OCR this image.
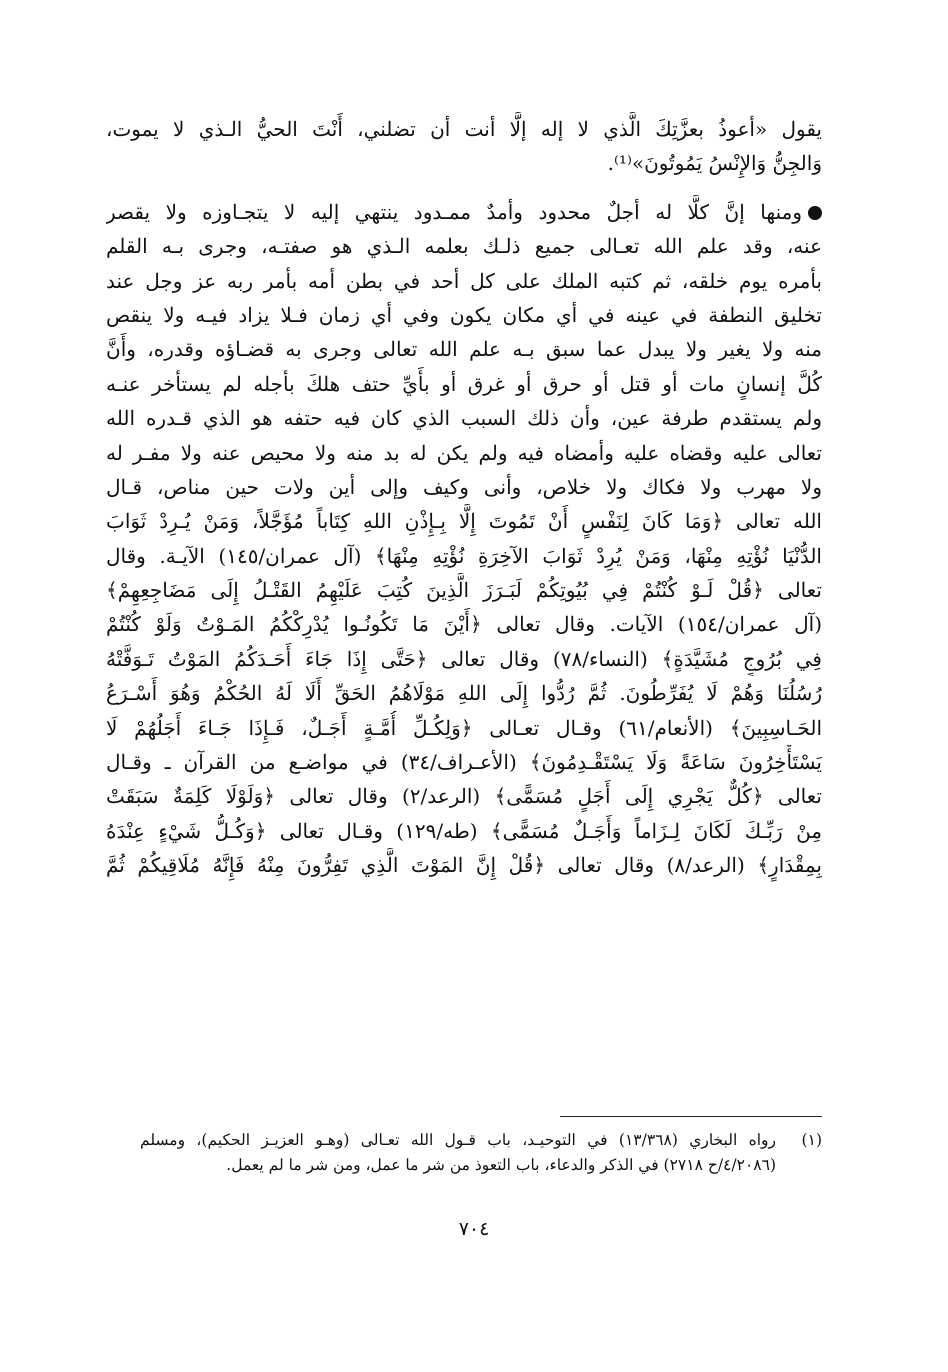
يقول «أعوذُ بعزَّتِكَ الَّذي لا إله إلَّا أنت أن تضلني، أَنْتَ الحيُّ الـذي لا يموت،
وَالجِنُّ وَالإِنْسُ يَمُوتُونَ»⁽¹⁾.
ومنها إنَّ كلًّا له أجلٌ محدود وأمدٌ ممـدود ينتهي إليه لا يتجـاوزه ولا يقصر
عنه، وقد علم الله تعـالى جميع ذلـك بعلمه الـذي هو صفتـه، وجرى بـه القلم
بأمره يوم خلقه، ثم كتبه الملك على كل أحد في بطن أمه بأمر ربه عز وجل عند
تخليق النطفة في عينه في أي مكان يكون وفي أي زمان فـلا يزاد فيـه ولا ينقص
منه ولا يغير ولا يبدل عما سبق بـه علم الله تعالى وجرى به قضـاؤه وقدره، وأَنَّ
كُلَّ إنسانٍ مات أو قتل أو حرق أو غرق أو بأَيِّ حتف هلكَ بأجله لم يستأخر عنـه
ولم يستقدم طرفة عين، وأن ذلك السبب الذي كان فيه حتفه هو الذي قـدره الله
تعالى عليه وقضاه عليه وأمضاه فيه ولم يكن له بد منه ولا محيص عنه ولا مفـر له
ولا مهرب ولا فكاك ولا خلاص، وأنى وكيف وإلى أين ولات حين مناص، قـال
الله تعالى ﴿وَمَا كَانَ لِنَفْسٍ أَنْ تَمُوتَ إِلَّا بِـإِذْنِ اللهِ كِتَاباً مُؤَجَّلاً، وَمَنْ يُـرِدْ ثَوَابَ
الدُّنْيَا نُؤْتِهِ مِنْهَا، وَمَنْ يُرِدْ ثَوَابَ الآخِرَةِ نُؤْتِهِ مِنْهَا﴾ (آل عمران/١٤٥) الآيـة. وقال
تعالى ﴿قُلْ لَـوْ كُنْتُمْ فِي بُيُوتِكُمْ لَبَـرَزَ الَّذِينَ كُتِبَ عَلَيْهِمُ القَتْـلُ إِلَى مَضَاجِعِهِمْ﴾
(آل عمران/١٥٤) الآيات. وقال تعالى ﴿أَيْنَ مَا تَكُونُـوا يُدْرِكْكُمُ المَـوْتُ وَلَوْ كُنْتُمْ
فِي بُرُوجٍ مُشَيَّدَةٍ﴾ (النساء/٧٨) وقال تعالى ﴿حَتَّى إِذَا جَاءَ أَحَـدَكُمُ المَوْتُ تَـوَفَّتْهُ
رُسُلُنَا وَهُمْ لَا يُفَرِّطُونَ. ثُمَّ رُدُّوا إِلَى اللهِ مَوْلَاهُمُ الحَقِّ أَلَا لَهُ الحُكْمُ وَهُوَ أَسْـرَعُ
الحَـاسِبِينَ﴾ (الأنعام/٦١) وقـال تعـالى ﴿وَلِكُـلِّ أُمَّـةٍ أَجَـلٌ، فَـإِذَا جَـاءَ أَجَلُهُمْ لَا
يَسْتَأْخِرُونَ سَاعَةً وَلَا يَسْتَقْـدِمُونَ﴾ (الأعـراف/٣٤) في مواضـع من القرآن ـ وقـال
تعالى ﴿كُلٌّ يَجْرِي إِلَى أَجَلٍ مُسَمًّى﴾ (الرعد/٢) وقال تعالى ﴿وَلَوْلَا كَلِمَةٌ سَبَقَتْ
مِنْ رَبِّـكَ لَكَانَ لِـزَاماً وَأَجَـلٌ مُسَمًّى﴾ (طه/١٢٩) وقـال تعالى ﴿وَكُـلُّ شَيْءٍ عِنْدَهُ
بِمِقْدَارٍ﴾ (الرعد/٨) وقال تعالى ﴿قُلْ إِنَّ المَوْتَ الَّذِي تَفِرُّونَ مِنْهُ فَإِنَّهُ مُلَاقِيكُمْ ثُمَّ
(١)
رواه البخاري (١٣/٣٦٨) في التوحيـد، باب قـول الله تعـالى (وهـو العزيـز الحكيم)، ومسلم
(٤/٢٠٨٦/ح ٢٧١٨) في الذكر والدعاء، باب التعوذ من شر ما عمل، ومن شر ما لم يعمل.
٧٠٤
